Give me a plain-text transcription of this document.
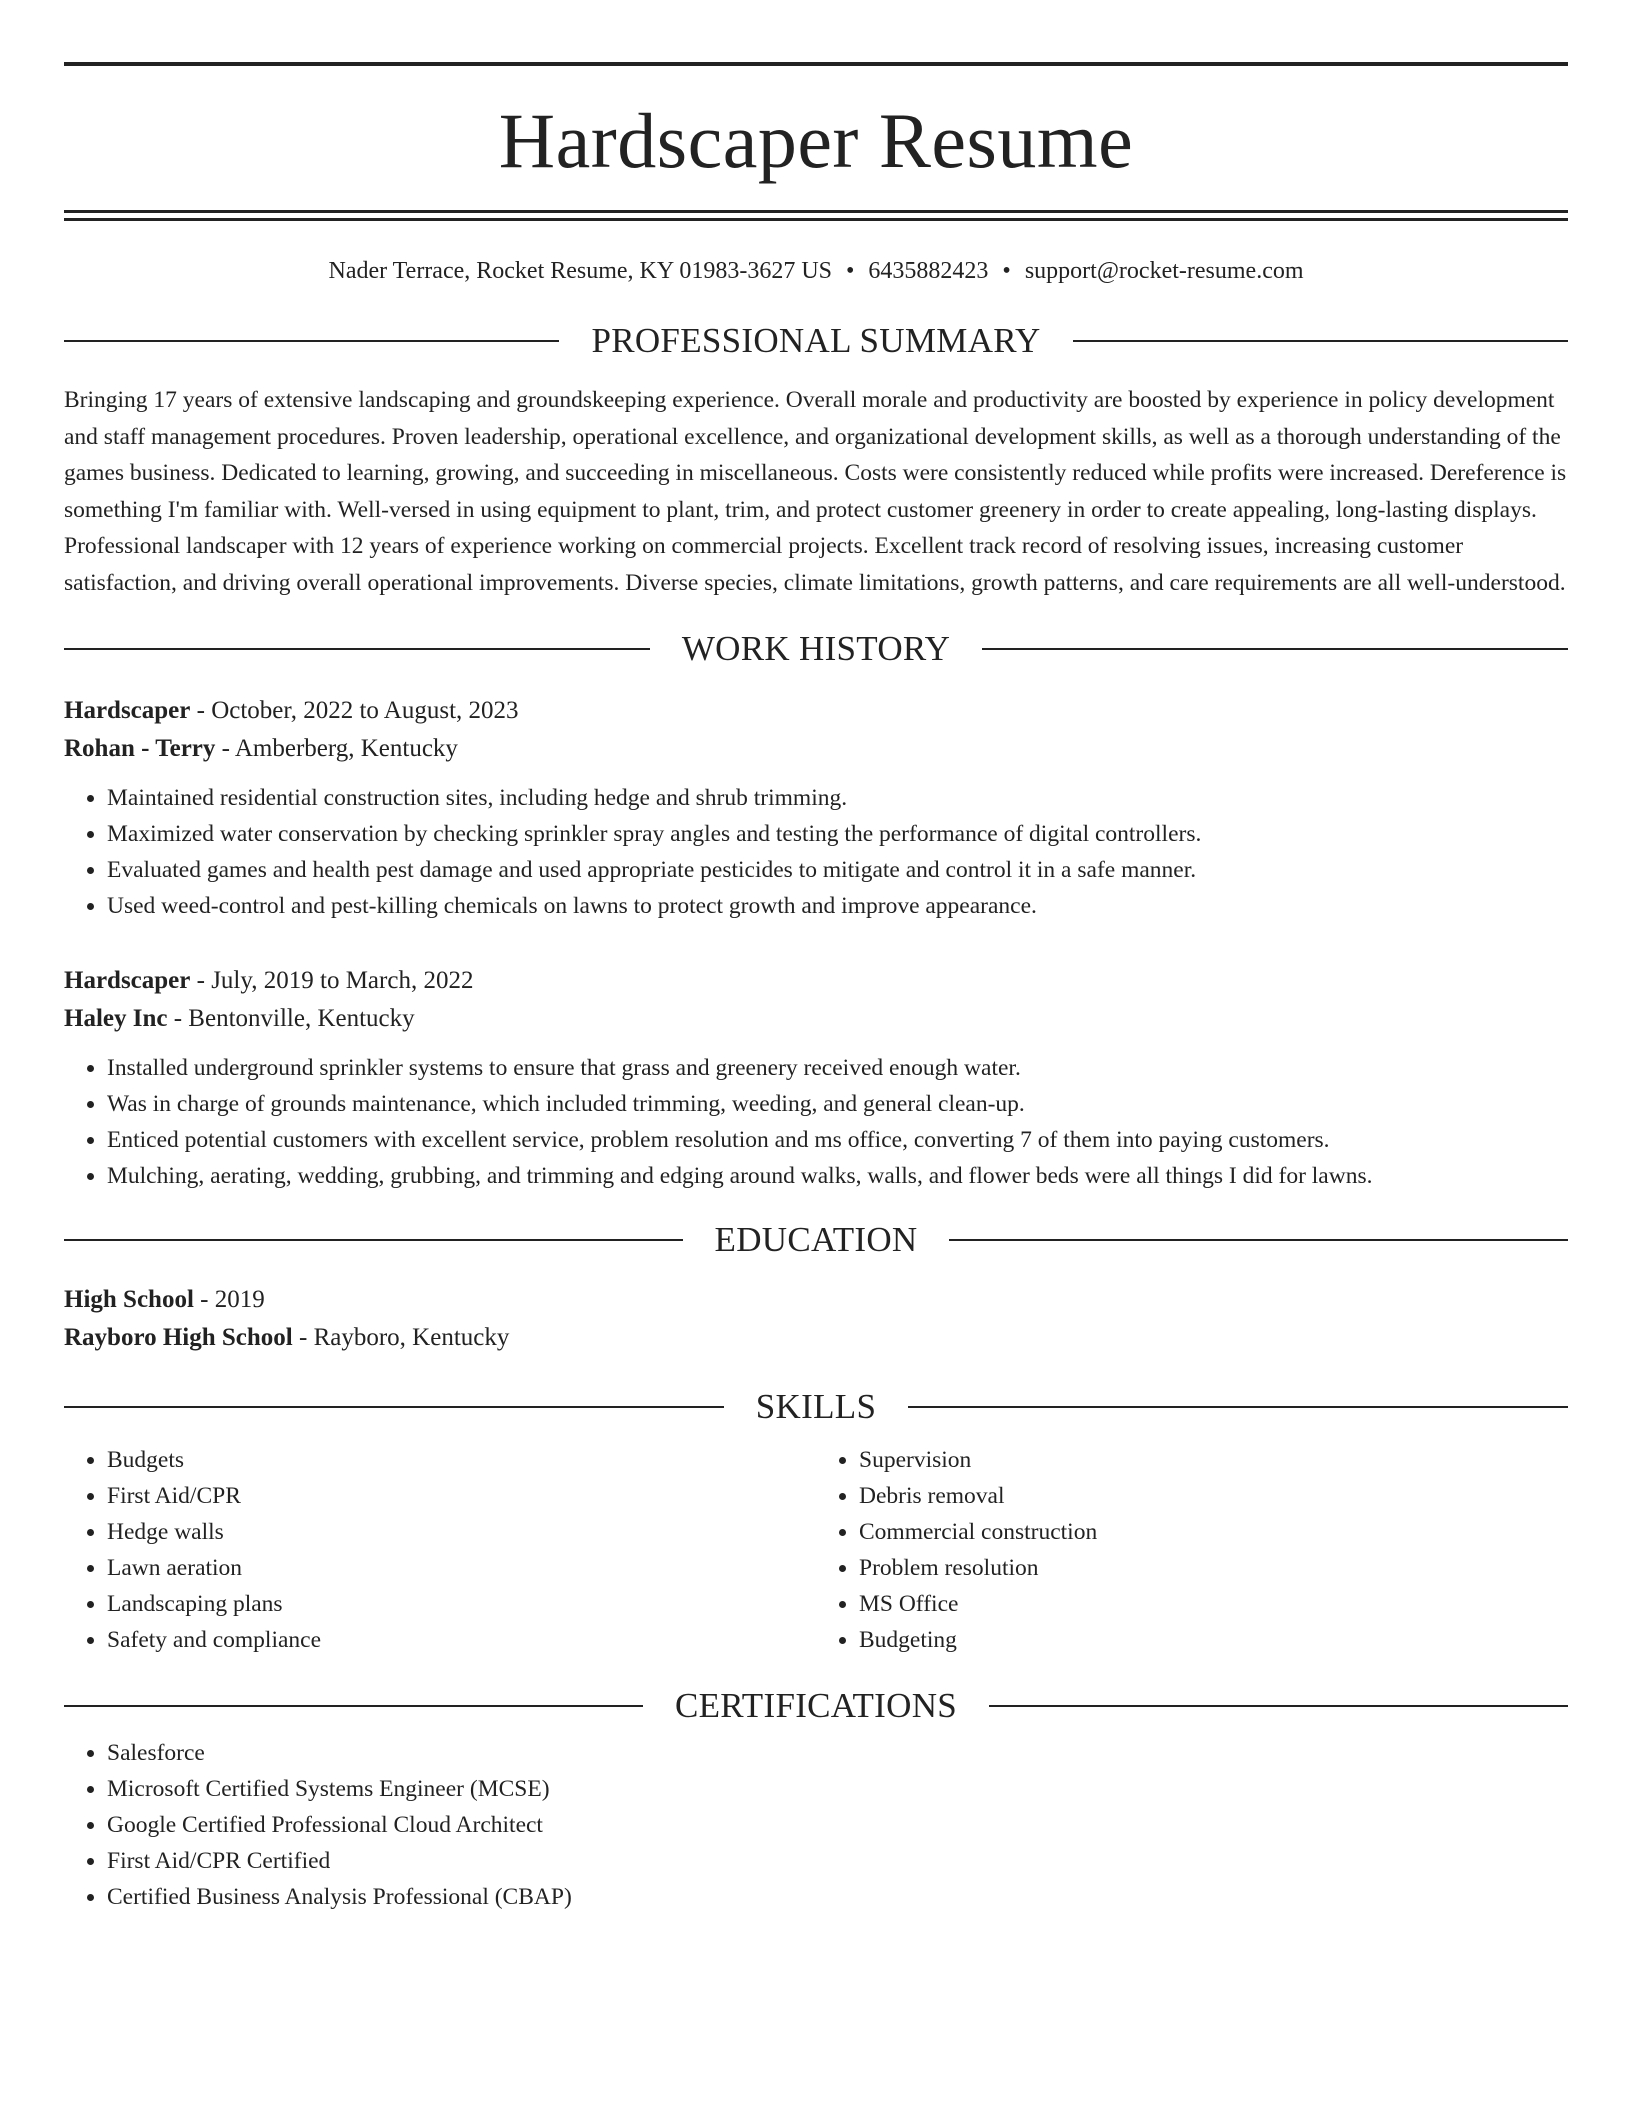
Hardscaper Resume
Nader Terrace, Rocket Resume, KY 01983-3627 US • 6435882423 • support@rocket-resume.com
PROFESSIONAL SUMMARY
Bringing 17 years of extensive landscaping and groundskeeping experience. Overall morale and productivity are boosted by experience in policy development and staff management procedures. Proven leadership, operational excellence, and organizational development skills, as well as a thorough understanding of the games business. Dedicated to learning, growing, and succeeding in miscellaneous. Costs were consistently reduced while profits were increased. Dereference is something I'm familiar with. Well-versed in using equipment to plant, trim, and protect customer greenery in order to create appealing, long-lasting displays. Professional landscaper with 12 years of experience working on commercial projects. Excellent track record of resolving issues, increasing customer satisfaction, and driving overall operational improvements. Diverse species, climate limitations, growth patterns, and care requirements are all well-understood.
WORK HISTORY
Hardscaper - October, 2022 to August, 2023
Rohan - Terry - Amberberg, Kentucky
• Maintained residential construction sites, including hedge and shrub trimming.
• Maximized water conservation by checking sprinkler spray angles and testing the performance of digital controllers.
• Evaluated games and health pest damage and used appropriate pesticides to mitigate and control it in a safe manner.
• Used weed-control and pest-killing chemicals on lawns to protect growth and improve appearance.
Hardscaper - July, 2019 to March, 2022
Haley Inc - Bentonville, Kentucky
• Installed underground sprinkler systems to ensure that grass and greenery received enough water.
• Was in charge of grounds maintenance, which included trimming, weeding, and general clean-up.
• Enticed potential customers with excellent service, problem resolution and ms office, converting 7 of them into paying customers.
• Mulching, aerating, wedding, grubbing, and trimming and edging around walks, walls, and flower beds were all things I did for lawns.
EDUCATION
High School - 2019
Rayboro High School - Rayboro, Kentucky
SKILLS
• Budgets
• First Aid/CPR
• Hedge walls
• Lawn aeration
• Landscaping plans
• Safety and compliance
• Supervision
• Debris removal
• Commercial construction
• Problem resolution
• MS Office
• Budgeting
CERTIFICATIONS
• Salesforce
• Microsoft Certified Systems Engineer (MCSE)
• Google Certified Professional Cloud Architect
• First Aid/CPR Certified
• Certified Business Analysis Professional (CBAP)
